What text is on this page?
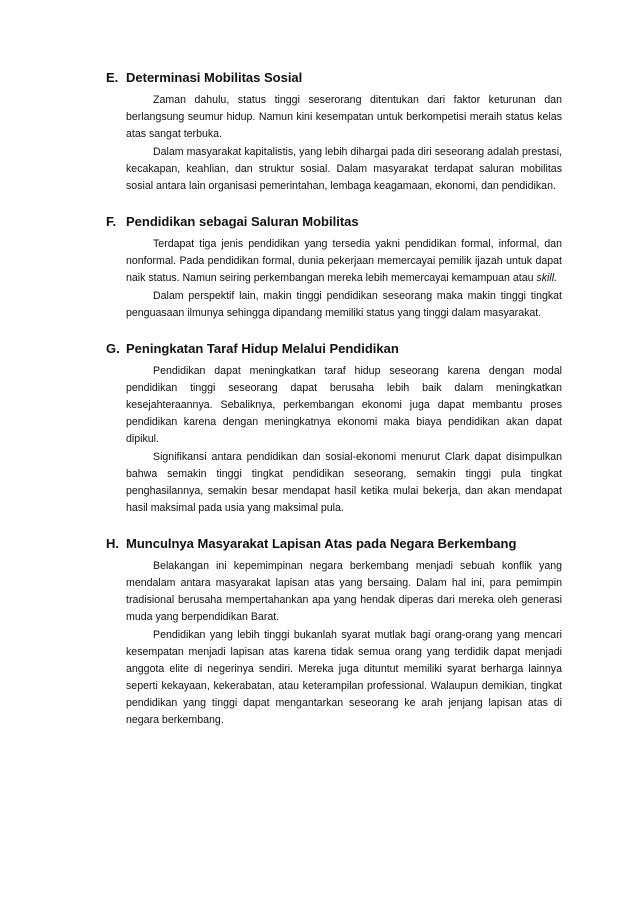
E. Determinasi Mobilitas Sosial

Zaman dahulu, status tinggi seserorang ditentukan dari faktor keturunan dan berlangsung seumur hidup. Namun kini kesempatan untuk berkompetisi meraih status kelas atas sangat terbuka.

Dalam masyarakat kapitalistis, yang lebih dihargai pada diri seseorang adalah prestasi, kecakapan, keahlian, dan struktur sosial. Dalam masyarakat terdapat saluran mobilitas sosial antara lain organisasi pemerintahan, lembaga keagamaan, ekonomi, dan pendidikan.

F. Pendidikan sebagai Saluran Mobilitas

Terdapat tiga jenis pendidikan yang tersedia yakni pendidikan formal, informal, dan nonformal. Pada pendidikan formal, dunia pekerjaan memercayai pemilik ijazah untuk dapat naik status. Namun seiring perkembangan mereka lebih memercayai kemampuan atau skill.

Dalam perspektif lain, makin tinggi pendidikan seseorang maka makin tinggi tingkat penguasaan ilmunya sehingga dipandang memiliki status yang tinggi dalam masyarakat.

G. Peningkatan Taraf Hidup Melalui Pendidikan

Pendidikan dapat meningkatkan taraf hidup seseorang karena dengan modal pendidikan tinggi seseorang dapat berusaha lebih baik dalam meningkatkan kesejahteraannya. Sebaliknya, perkembangan ekonomi juga dapat membantu proses pendidikan karena dengan meningkatnya ekonomi maka biaya pendidikan akan dapat dipikul.

Signifikansi antara pendidikan dan sosial-ekonomi menurut Clark dapat disimpulkan bahwa semakin tinggi tingkat pendidikan seseorang, semakin tinggi pula tingkat penghasilannya, semakin besar mendapat hasil ketika mulai bekerja, dan akan mendapat hasil maksimal pada usia yang maksimal pula.

H. Munculnya Masyarakat Lapisan Atas pada Negara Berkembang

Belakangan ini kepemimpinan negara berkembang menjadi sebuah konflik yang mendalam antara masyarakat lapisan atas yang bersaing. Dalam hal ini, para pemimpin tradisional berusaha mempertahankan apa yang hendak diperas dari mereka oleh generasi muda yang berpendidikan Barat.

Pendidikan yang lebih tinggi bukanlah syarat mutlak bagi orang-orang yang mencari kesempatan menjadi lapisan atas karena tidak semua orang yang terdidik dapat menjadi anggota elite di negerinya sendiri. Mereka juga dituntut memiliki syarat berharga lainnya seperti kekayaan, kekerabatan, atau keterampilan professional. Walaupun demikian, tingkat pendidikan yang tinggi dapat mengantarkan seseorang ke arah jenjang lapisan atas di negara berkembang.
